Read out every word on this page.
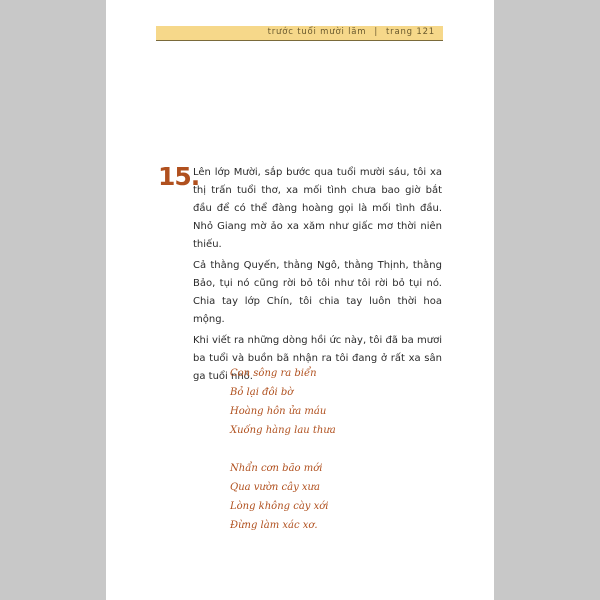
trước tuổi mười lăm | trang 121
15.

Lên lớp Mười, sắp bước qua tuổi mười sáu, tôi xa thị trấn tuổi thơ, xa mối tình chưa bao giờ bắt đầu để có thể đàng hoàng gọi là mối tình đầu. Nhỏ Giang mờ ảo xa xăm như giấc mơ thời niên thiếu.

Cả thằng Quyến, thằng Ngô, thằng Thịnh, thằng Bảo, tụi nó cũng rời bỏ tôi như tôi rời bỏ tụi nó. Chia tay lớp Chín, tôi chia tay luôn thời hoa mộng.

Khi viết ra những dòng hồi ức này, tôi đã ba mươi ba tuổi và buồn bã nhận ra tôi đang ở rất xa sân ga tuổi nhỏ.

Con sông ra biển
Bỏ lại đôi bờ
Hoàng hôn ửa máu
Xuống hàng lau thưa
Nhẩn cơn bão mới
Qua vườn cây xưa
Lòng không cày xới
Đừng làm xác xơ.
